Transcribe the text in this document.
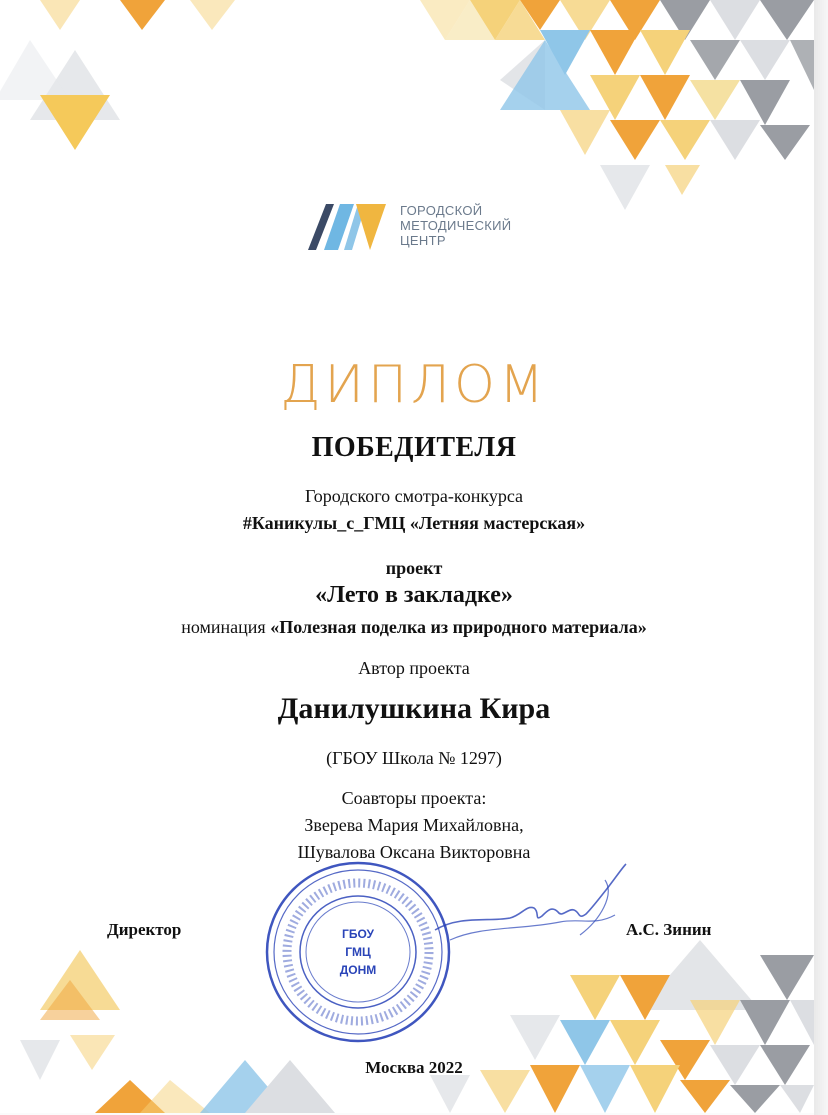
ГОРОДСКОЙ
МЕТОДИЧЕСКИЙ
ЦЕНТР
ДИПЛОМ
ПОБЕДИТЕЛЯ
Городского смотра-конкурса
#Каникулы_с_ГМЦ «Летняя мастерская»
проект
«Лето в закладке»
номинация «Полезная поделка из природного материала»
Автор проекта
Данилушкина Кира
(ГБОУ Школа № 1297)
Соавторы проекта:
Зверева Мария Михайловна,
Шувалова Оксана Викторовна
Директор	А.С. Зинин
ГБОУ
ГМЦ
ДОНМ
Москва 2022
